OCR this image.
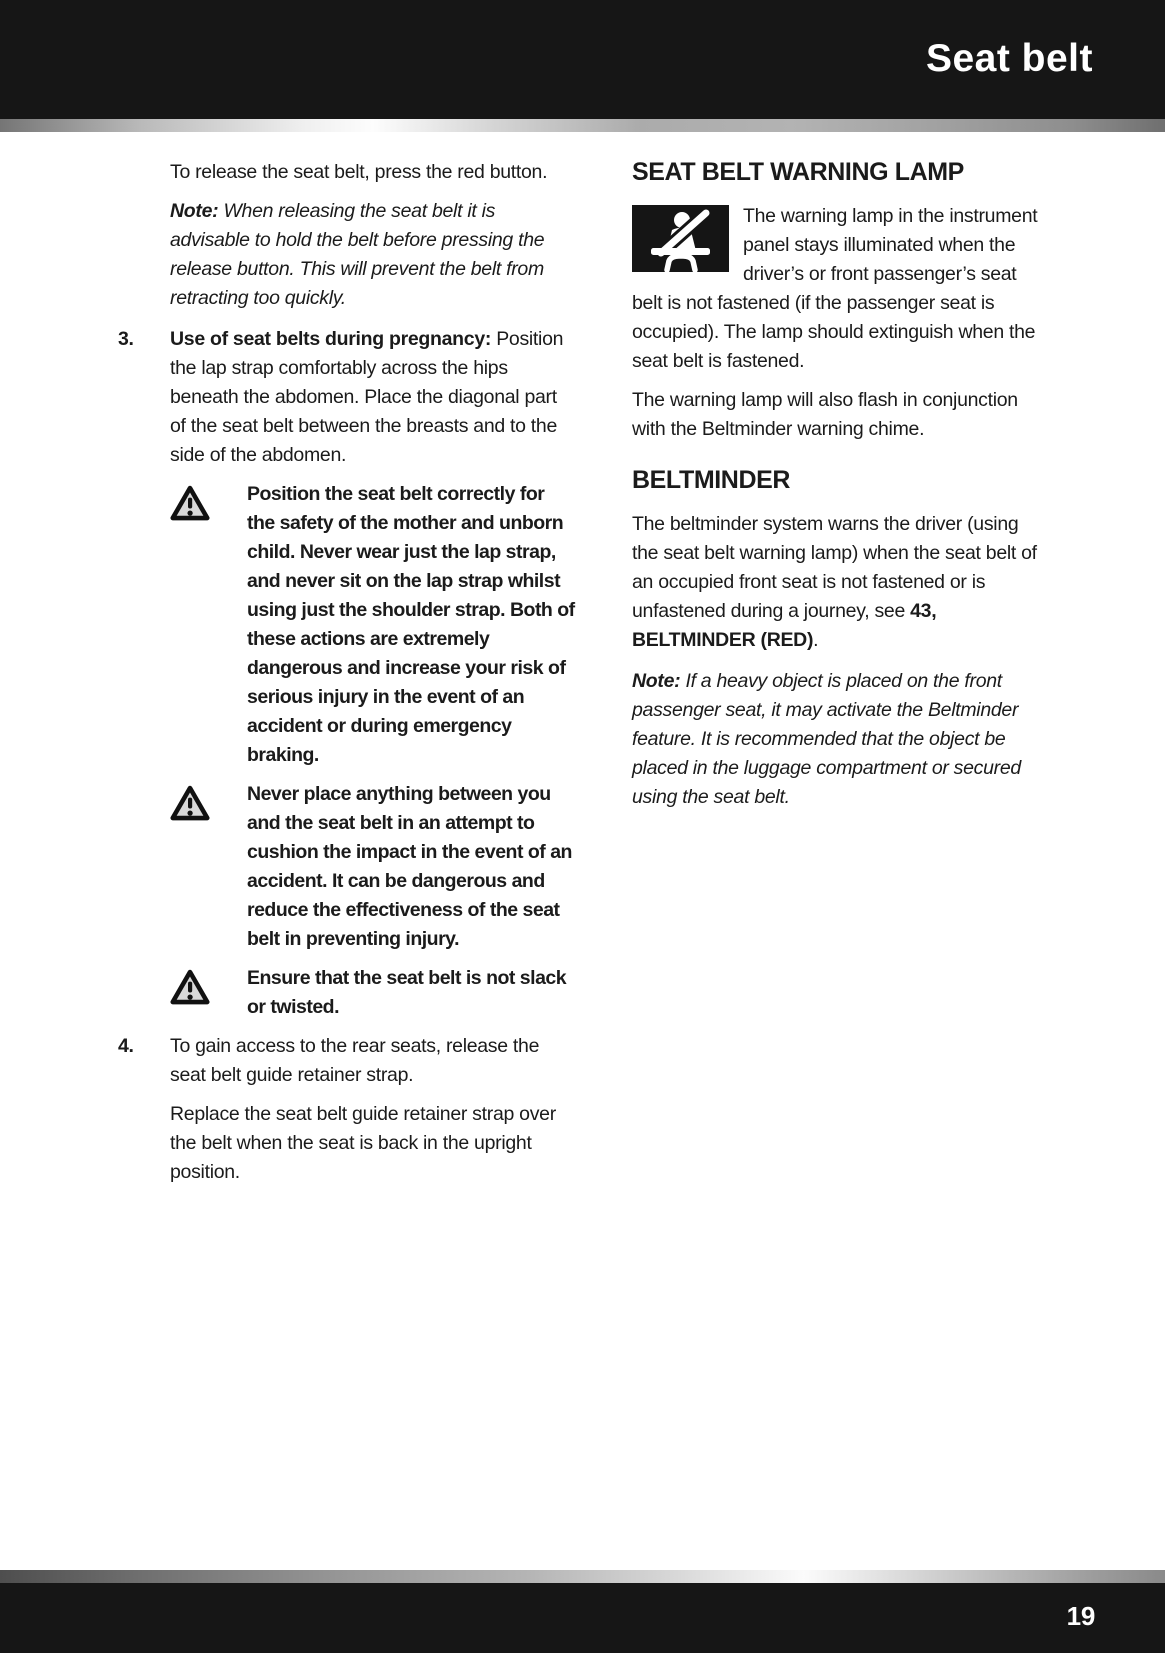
Seat belt
To release the seat belt, press the red button.
Note: When releasing the seat belt it is advisable to hold the belt before pressing the release button. This will prevent the belt from retracting too quickly.
3.	Use of seat belts during pregnancy: Position the lap strap comfortably across the hips beneath the abdomen. Place the diagonal part of the seat belt between the breasts and to the side of the abdomen.
Position the seat belt correctly for the safety of the mother and unborn child. Never wear just the lap strap, and never sit on the lap strap whilst using just the shoulder strap. Both of these actions are extremely dangerous and increase your risk of serious injury in the event of an accident or during emergency braking.
Never place anything between you and the seat belt in an attempt to cushion the impact in the event of an accident. It can be dangerous and reduce the effectiveness of the seat belt in preventing injury.
Ensure that the seat belt is not slack or twisted.
4.	To gain access to the rear seats, release the seat belt guide retainer strap.
Replace the seat belt guide retainer strap over the belt when the seat is back in the upright position.
SEAT BELT WARNING LAMP
The warning lamp in the instrument panel stays illuminated when the driver’s or front passenger’s seat belt is not fastened (if the passenger seat is occupied). The lamp should extinguish when the seat belt is fastened.
The warning lamp will also flash in conjunction with the Beltminder warning chime.
BELTMINDER
The beltminder system warns the driver (using the seat belt warning lamp) when the seat belt of an occupied front seat is not fastened or is unfastened during a journey, see 43, BELTMINDER (RED).
Note: If a heavy object is placed on the front passenger seat, it may activate the Beltminder feature. It is recommended that the object be placed in the luggage compartment or secured using the seat belt.
19
